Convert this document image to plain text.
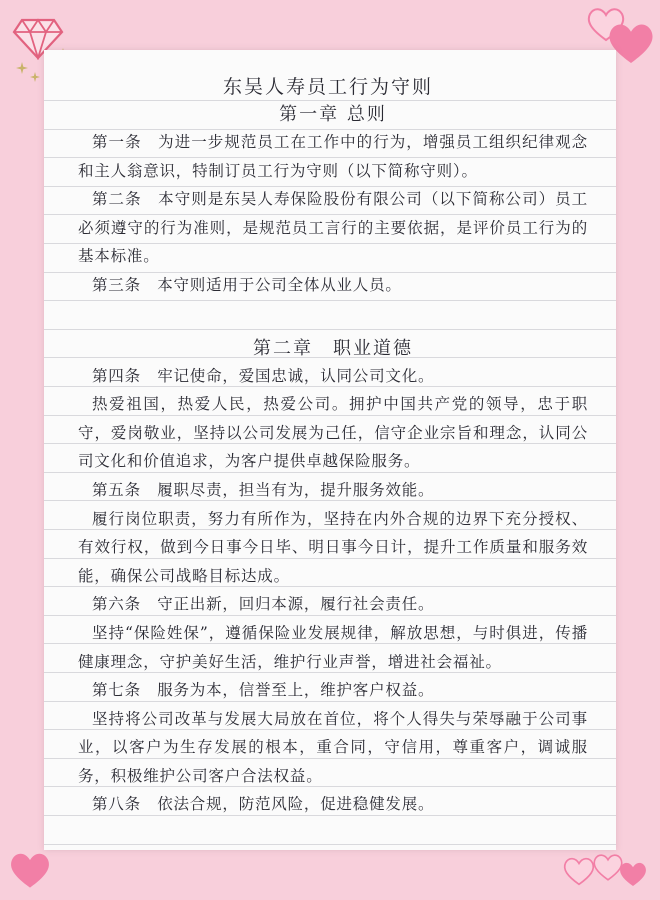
东吴人寿员工行为守则
第一章 总则

第一条　为进一步规范员工在工作中的行为，增强员工组织纪律观念和主人翁意识，特制订员工行为守则（以下简称守则）。

第二条　本守则是东吴人寿保险股份有限公司（以下简称公司）员工必须遵守的行为准则，是规范员工言行的主要依据，是评价员工行为的基本标准。

第三条　本守则适用于公司全体从业人员。

第二章　职业道德

第四条　牢记使命，爱国忠诚，认同公司文化。

热爱祖国，热爱人民，热爱公司。拥护中国共产党的领导，忠于职守，爱岗敬业，坚持以公司发展为己任，信守企业宗旨和理念，认同公司文化和价值追求，为客户提供卓越保险服务。

第五条　履职尽责，担当有为，提升服务效能。

履行岗位职责，努力有所作为，坚持在内外合规的边界下充分授权、有效行权，做到今日事今日毕、明日事今日计，提升工作质量和服务效能，确保公司战略目标达成。

第六条　守正出新，回归本源，履行社会责任。

坚持“保险姓保”，遵循保险业发展规律，解放思想，与时俱进，传播健康理念，守护美好生活，维护行业声誉，增进社会福祉。

第七条　服务为本，信誉至上，维护客户权益。

坚持将公司改革与发展大局放在首位，将个人得失与荣辱融于公司事业，以客户为生存发展的根本，重合同，守信用，尊重客户，调诚服务，积极维护公司客户合法权益。

第八条　依法合规，防范风险，促进稳健发展。
